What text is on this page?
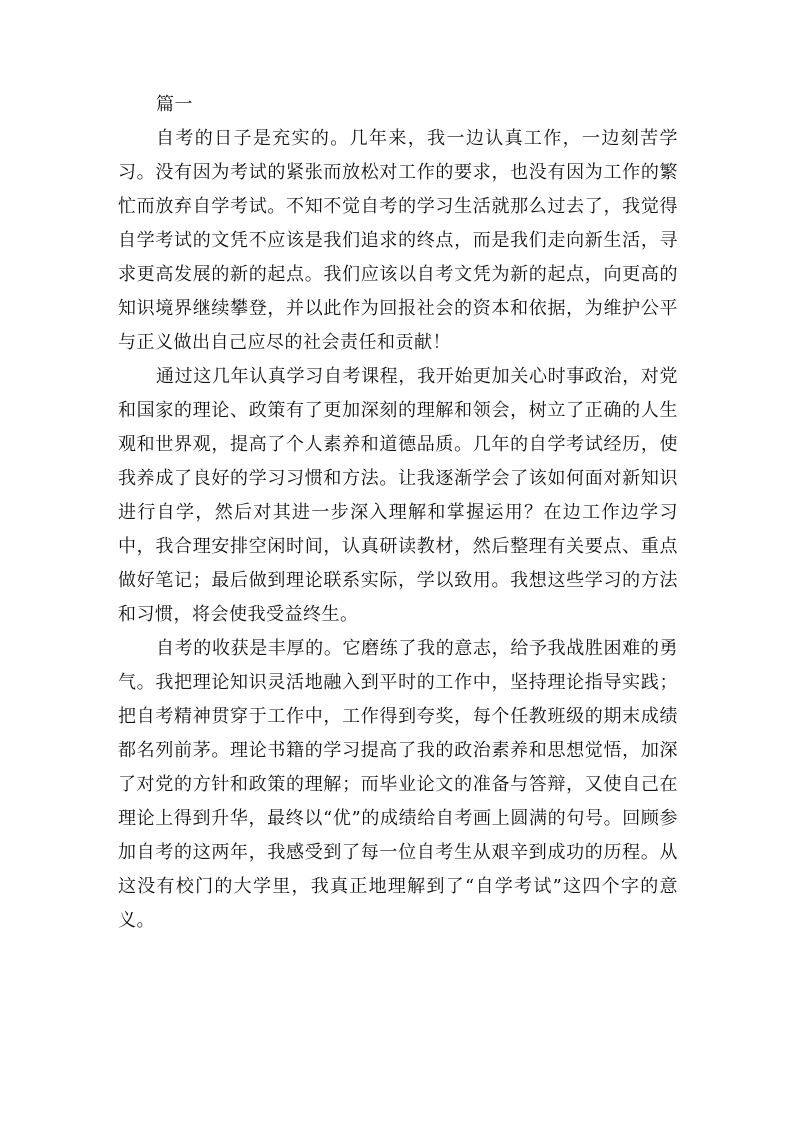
篇一

自考的日子是充实的。几年来，我一边认真工作，一边刻苦学习。没有因为考试的紧张而放松对工作的要求，也没有因为工作的繁忙而放弃自学考试。不知不觉自考的学习生活就那么过去了，我觉得自学考试的文凭不应该是我们追求的终点，而是我们走向新生活，寻求更高发展的新的起点。我们应该以自考文凭为新的起点，向更高的知识境界继续攀登，并以此作为回报社会的资本和依据，为维护公平与正义做出自己应尽的社会责任和贡献！

通过这几年认真学习自考课程，我开始更加关心时事政治，对党和国家的理论、政策有了更加深刻的理解和领会，树立了正确的人生观和世界观，提高了个人素养和道德品质。几年的自学考试经历，使我养成了良好的学习习惯和方法。让我逐渐学会了该如何面对新知识进行自学，然后对其进一步深入理解和掌握运用？在边工作边学习中，我合理安排空闲时间，认真研读教材，然后整理有关要点、重点做好笔记；最后做到理论联系实际，学以致用。我想这些学习的方法和习惯，将会使我受益终生。

自考的收获是丰厚的。它磨练了我的意志，给予我战胜困难的勇气。我把理论知识灵活地融入到平时的工作中，坚持理论指导实践；把自考精神贯穿于工作中，工作得到夸奖，每个任教班级的期末成绩都名列前茅。理论书籍的学习提高了我的政治素养和思想觉悟，加深了对党的方针和政策的理解；而毕业论文的准备与答辩，又使自己在理论上得到升华，最终以“优”的成绩给自考画上圆满的句号。回顾参加自考的这两年，我感受到了每一位自考生从艰辛到成功的历程。从这没有校门的大学里，我真正地理解到了“自学考试”这四个字的意义。
